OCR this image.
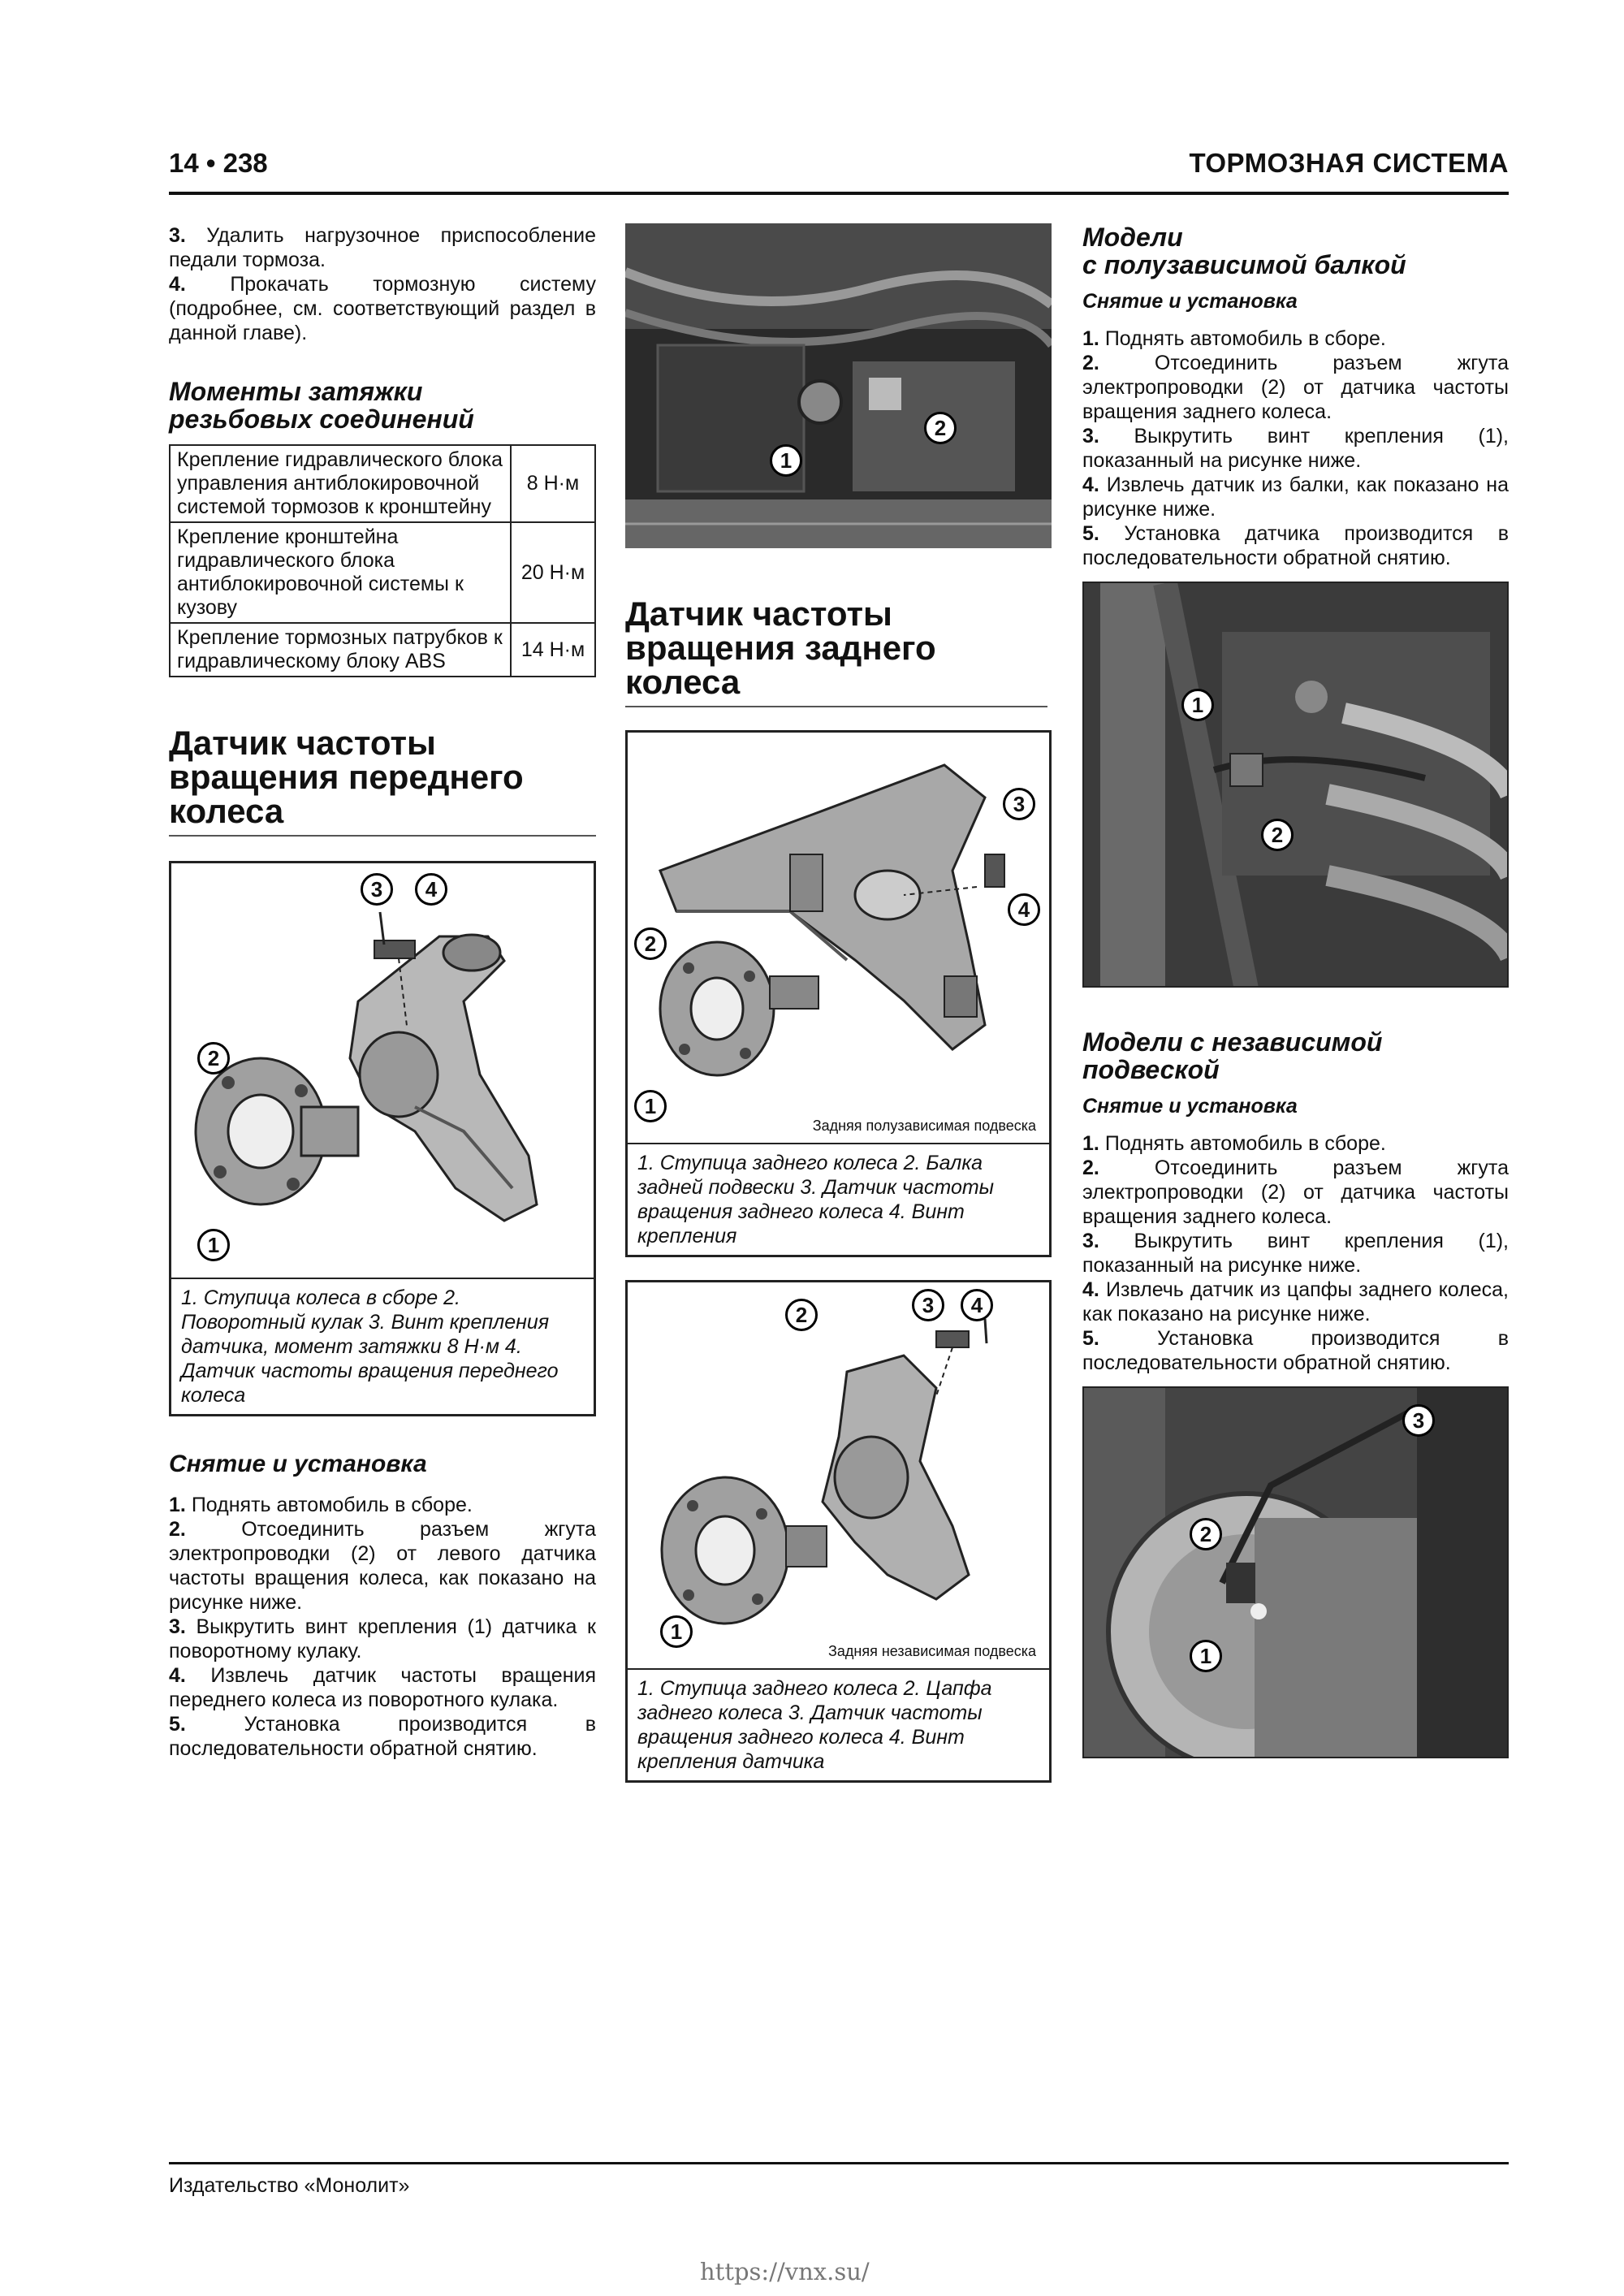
14 • 238	ТОРМОЗНАЯ СИСТЕМА
3. Удалить нагрузочное приспособление педали тормоза.
4. Прокачать тормозную систему (подробнее, см. соответствующий раздел в данной главе).
Моменты затяжки
резьбовых соединений
Крепление гидравлического блока управления антиблокировочной системой тормозов к кронштейну	8 Н·м
Крепление кронштейна гидравлического блока антиблокировочной системы к кузову	20 Н·м
Крепление тормозных патрубков к гидравлическому блоку ABS	14 Н·м
Датчик частоты
вращения переднего
колеса
3	4
2
1
1. Ступица колеса в сборе 2. Поворотный кулак 3. Винт крепления датчика, момент затяжки 8 Н·м 4. Датчик частоты вращения переднего колеса
Снятие и установка
1. Поднять автомобиль в сборе.
2.	Отсоединить разъем жгута электропроводки (2) от левого датчика частоты вращения колеса, как показано на рисунке ниже.
3. Выкрутить винт крепления (1) датчика к поворотному кулаку.
4. Извлечь датчик частоты вращения переднего колеса из поворотного кулака.
5.	Установка производится в последовательности обратной снятию.
1
2
Датчик частоты
вращения заднего
колеса
3
4
2
1
Задняя полузависимая подвеска
1. Ступица заднего колеса 2. Балка задней подвески 3. Датчик частоты вращения заднего колеса 4. Винт крепления
2	3	4
1
Задняя независимая подвеска
1. Ступица заднего колеса 2. Цапфа заднего колеса 3. Датчик частоты вращения заднего колеса 4. Винт крепления датчика
Модели
с полузависимой балкой
Снятие и установка
1. Поднять автомобиль в сборе.
2.	Отсоединить разъем жгута электропроводки (2) от датчика частоты вращения заднего колеса.
3. Выкрутить винт крепления (1), показанный на рисунке ниже.
4. Извлечь датчик из балки, как показано на рисунке ниже.
5. Установка датчика производится в последовательности обратной снятию.
1
2
Модели с независимой
подвеской
Снятие и установка
1. Поднять автомобиль в сборе.
2.	Отсоединить разъем жгута электропроводки (2) от датчика частоты вращения заднего колеса.
3. Выкрутить винт крепления (1), показанный на рисунке ниже.
4. Извлечь датчик из цапфы заднего колеса, как показано на рисунке ниже.
5.	Установка производится в последовательности обратной снятию.
3
2
1
Издательство «Монолит»
https://vnx.su/
